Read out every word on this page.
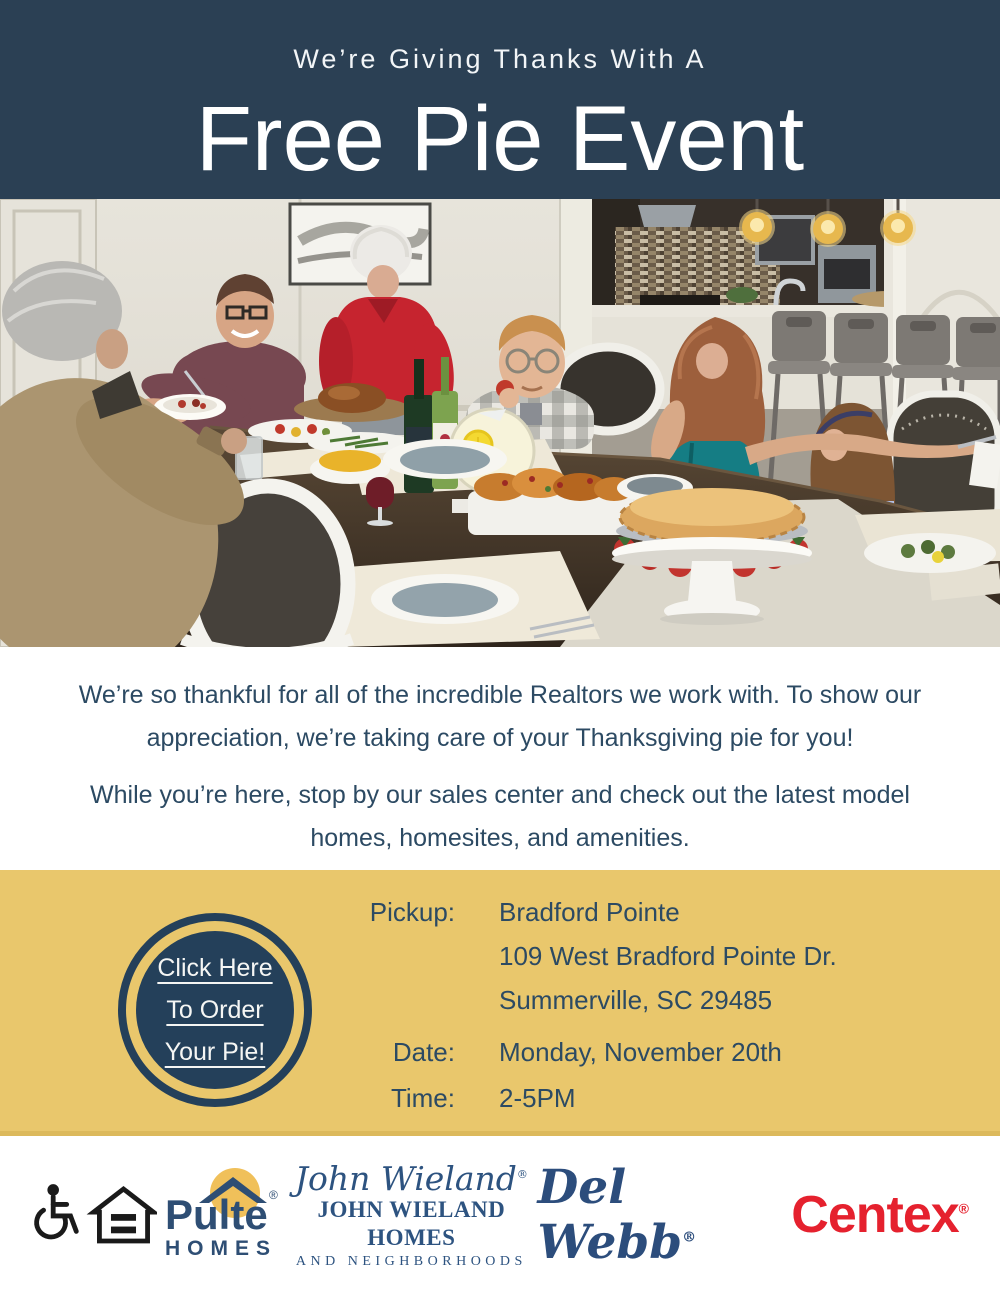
We’re Giving Thanks With A
Free Pie Event

We’re so thankful for all of the incredible Realtors we work with. To show our appreciation, we’re taking care of your Thanksgiving pie for you!

While you’re here, stop by our sales center and check out the latest model homes, homesites, and amenities.

Click Here
To Order
Your Pie!
Pickup: Bradford Pointe
109 West Bradford Pointe Dr.
Summerville, SC 29485
Date:	Monday, November 20th
Time:	2-5PM
Pulte ®
HOMES
John Wieland®
JOHN WIELAND HOMES
AND NEIGHBORHOODS
Del Webb®	Centex®
